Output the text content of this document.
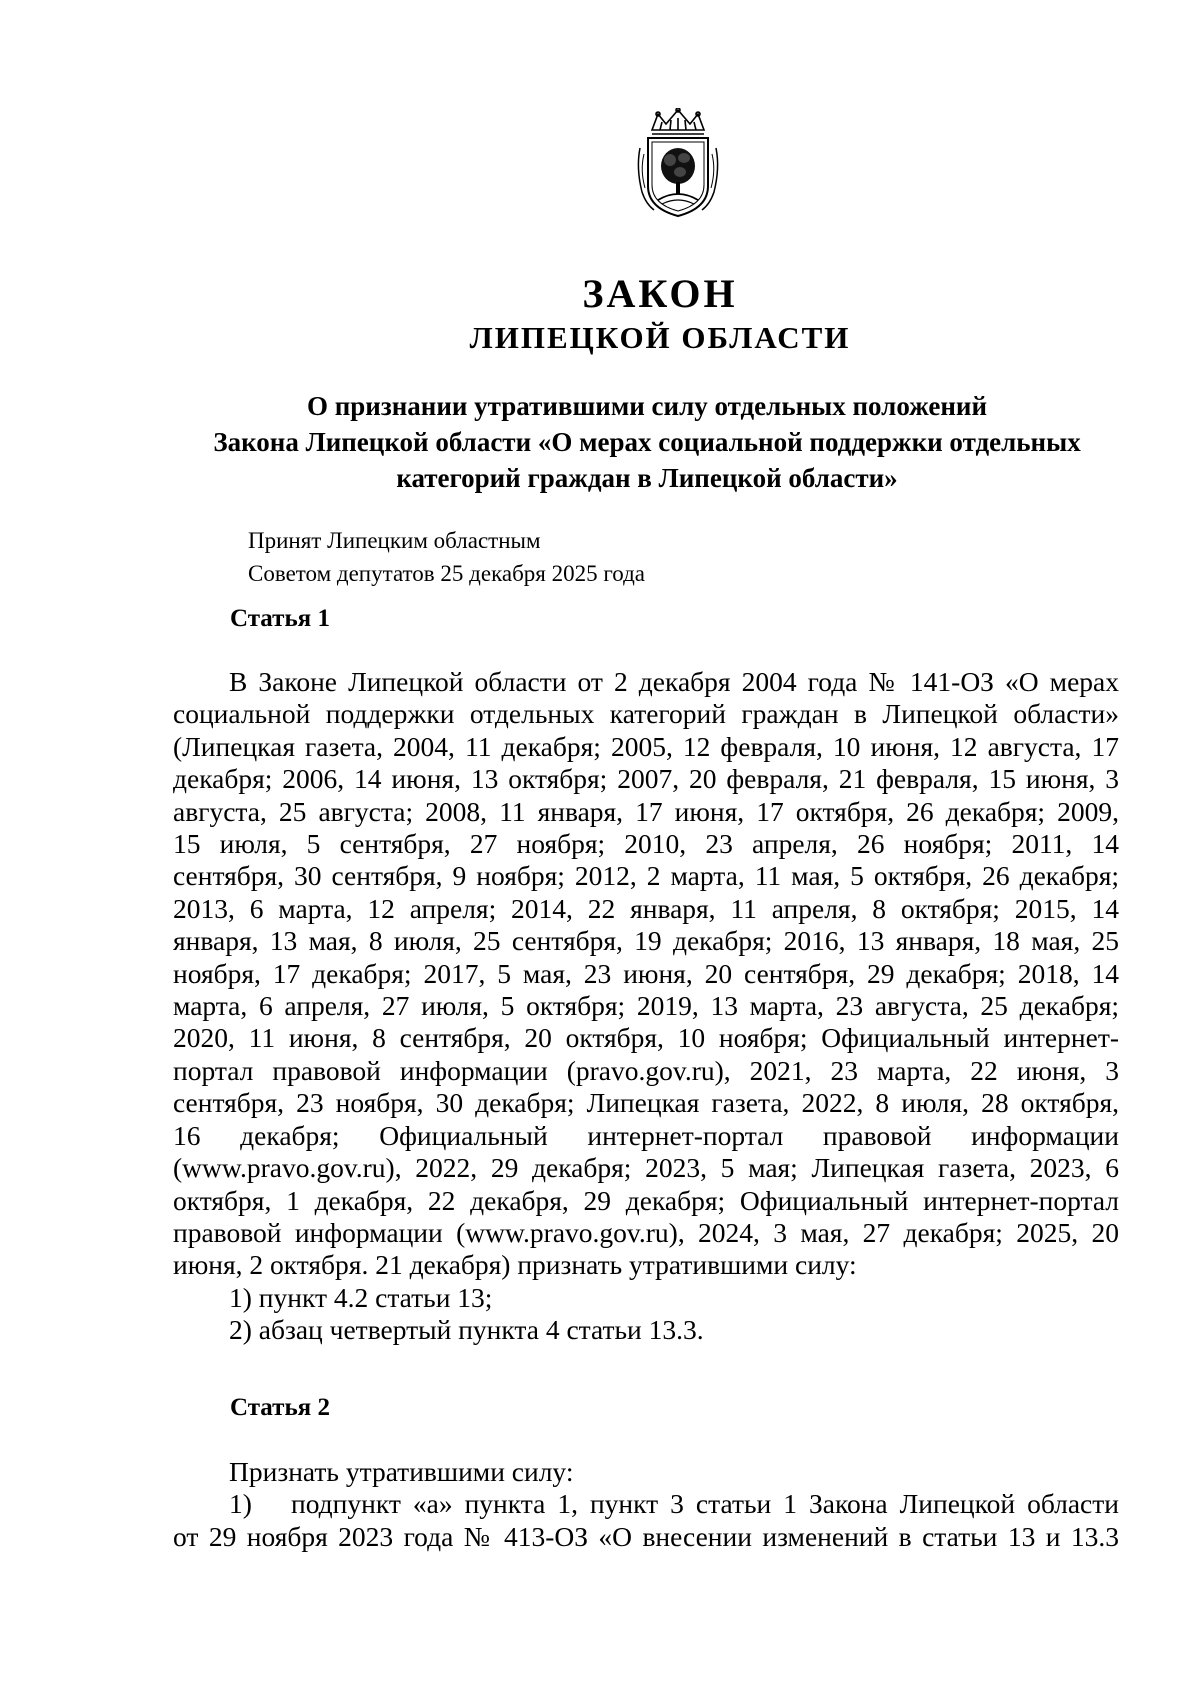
ЗАКОН
ЛИПЕЦКОЙ ОБЛАСТИ
О признании утратившими силу отдельных положений
Закона Липецкой области «О мерах социальной поддержки отдельных
категорий граждан в Липецкой области»
Принят Липецким областным
Советом депутатов 25 декабря 2025 года
Статья 1
В Законе Липецкой области от 2 декабря 2004 года № 141-ОЗ «О мерах
социальной поддержки отдельных категорий граждан в Липецкой области»
(Липецкая газета, 2004, 11 декабря; 2005, 12 февраля, 10 июня, 12 августа, 17
декабря; 2006, 14 июня, 13 октября; 2007, 20 февраля, 21 февраля, 15 июня, 3
августа, 25 августа; 2008, 11 января, 17 июня, 17 октября, 26 декабря; 2009,
15 июля, 5 сентября, 27 ноября; 2010, 23 апреля, 26 ноября; 2011, 14
сентября, 30 сентября, 9 ноября; 2012, 2 марта, 11 мая, 5 октября, 26 декабря;
2013, 6 марта, 12 апреля; 2014, 22 января, 11 апреля, 8 октября; 2015, 14
января, 13 мая, 8 июля, 25 сентября, 19 декабря; 2016, 13 января, 18 мая, 25
ноября, 17 декабря; 2017, 5 мая, 23 июня, 20 сентября, 29 декабря; 2018, 14
марта, 6 апреля, 27 июля, 5 октября; 2019, 13 марта, 23 августа, 25 декабря;
2020, 11 июня, 8 сентября, 20 октября, 10 ноября; Официальный интернет-
портал правовой информации (pravo.gov.ru), 2021, 23 марта, 22 июня, 3
сентября, 23 ноября, 30 декабря; Липецкая газета, 2022, 8 июля, 28 октября,
16 декабря; Официальный интернет-портал правовой информации
(www.pravo.gov.ru), 2022, 29 декабря; 2023, 5 мая; Липецкая газета, 2023, 6
октября, 1 декабря, 22 декабря, 29 декабря; Официальный интернет-портал
правовой информации (www.pravo.gov.ru), 2024, 3 мая, 27 декабря; 2025, 20
июня, 2 октября. 21 декабря) признать утратившими силу:
1) пункт 4.2 статьи 13;
2) абзац четвертый пункта 4 статьи 13.3.
Статья 2
Признать утратившими силу:
1)	подпункт «а» пункта 1, пункт 3 статьи 1 Закона Липецкой области
от 29 ноября 2023 года № 413-ОЗ «О внесении изменений в статьи 13 и 13.3
